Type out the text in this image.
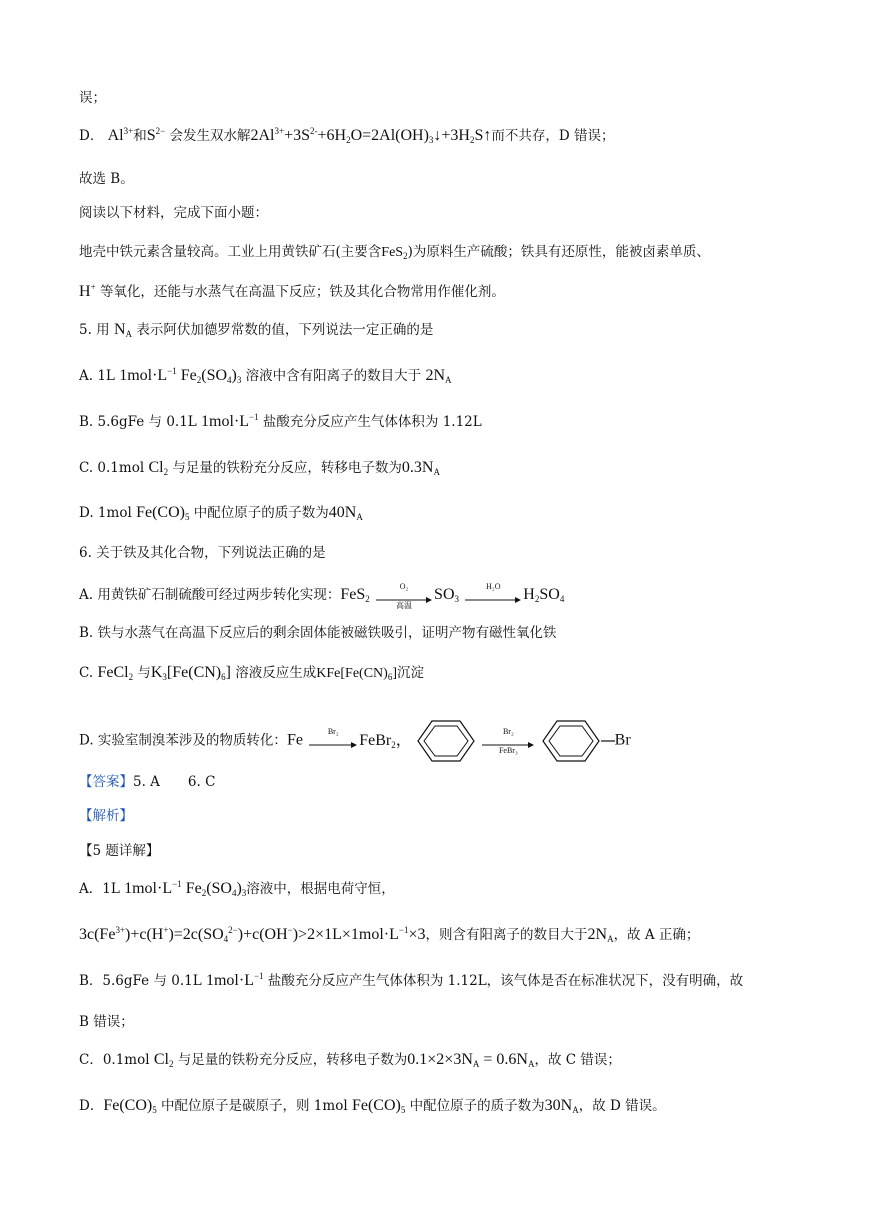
误；
D． $Al^{3+}$和$S^{2-}$ 会发生双水解$2Al^{3+}+3S^{2-}+6H_2O=2Al(OH)_3↓+3H_2S↑$而不共存，D 错误；
故选 B。
阅读以下材料，完成下面小题：
地壳中铁元素含量较高。工业上用黄铁矿石(主要含FeS$_2$)为原料生产硫酸；铁具有还原性，能被卤素单质、
H+ 等氧化，还能与水蒸气在高温下反应；铁及其化合物常用作催化剂。
5. 用 $N_A$ 表示阿伏加德罗常数的值，下列说法一定正确的是
A. 1L $1mol\cdot L^{-1}$ $Fe_2(SO_4)_3$ 溶液中含有阳离子的数目大于 $2N_A$
B. 5.6gFe 与 0.1L $1mol\cdot L^{-1}$ 盐酸充分反应产生气体体积为 1.12L
C. 0.1mol $Cl_2$ 与足量的铁粉充分反应，转移电子数为$0.3N_A$
D. 1mol $Fe(CO)_5$ 中配位原子的质子数为$40N_A$
6. 关于铁及其化合物，下列说法正确的是
A. 用黄铁矿石制硫酸可经过两步转化实现：FeS$_2$
O₂
高温
$SO_3$
H₂O	$H_2SO_4$
B. 铁与水蒸气在高温下反应后的剩余固体能被磁铁吸引，证明产物有磁性氧化铁
C. FeCl$_2$ 与$K_3[Fe(CN)_6]$ 溶液反应生成$KFe[Fe(CN)_6]$沉淀
D. 实验室制溴苯涉及的物质转化：Fe	Br₂	FeBr$_2$，	Br₂
FeBr₃
Br
【答案】5. A 6. C
【解析】
【5 题详解】
A．1L $1mol\cdot L^{-1}$ $Fe_2(SO_4)_3$溶液中，根据电荷守恒，
$3c(Fe^{3+})+c(H^+)=2c(SO_4^{2-})+c(OH^-)>2\times 1L\times 1mol\cdot L^{-1}\times 3$，则含有阳离子的数目大于$2N_A$，故 A 正确；
B．5.6gFe 与 0.1L $1mol\cdot L^{-1}$ 盐酸充分反应产生气体体积为 1.12L，该气体是否在标准状况下，没有明确，故
B 错误；
C．0.1mol $Cl_2$ 与足量的铁粉充分反应，转移电子数为$0.1\times 2\times 3N_A = 0.6N_A$，故 C 错误；
D．$Fe(CO)_5$ 中配位原子是碳原子，则 1mol $Fe(CO)_5$ 中配位原子的质子数为$30N_A$，故 D 错误。
